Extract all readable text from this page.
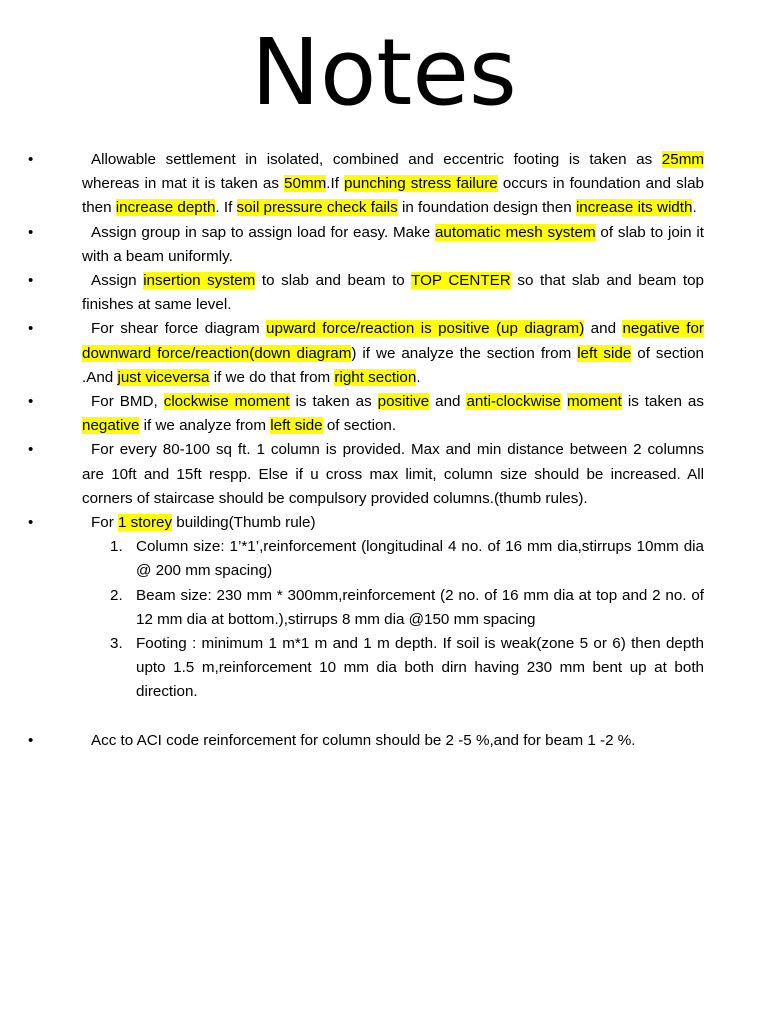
Notes
•	Allowable settlement in isolated, combined and eccentric footing is taken as 25mm whereas in mat it is taken as 50mm.If punching stress failure occurs in foundation and slab then increase depth. If soil pressure check fails in foundation design then increase its width.
•	Assign group in sap to assign load for easy. Make automatic mesh system of slab to join it with a beam uniformly.
•	Assign insertion system to slab and beam to TOP CENTER so that slab and beam top finishes at same level.
•	For shear force diagram upward force/reaction is positive (up diagram) and negative for downward force/reaction(down diagram) if we analyze the section from left side of section .And just viceversa if we do that from right section.
•	For BMD, clockwise moment is taken as positive and anti-clockwise moment is taken as negative if we analyze from left side of section.
•	For every 80-100 sq ft. 1 column is provided. Max and min distance between 2 columns are 10ft and 15ft respp. Else if u cross max limit, column size should be increased. All corners of staircase should be compulsory provided columns.(thumb rules).
•	For 1 storey building(Thumb rule)
1. Column size: 1’*1’,reinforcement (longitudinal 4 no. of 16 mm dia,stirrups 10mm dia @ 200 mm spacing)
2. Beam size: 230 mm * 300mm,reinforcement (2 no. of 16 mm dia at top and 2 no. of 12 mm dia at bottom.),stirrups 8 mm dia @150 mm spacing
3. Footing : minimum 1 m*1 m and 1 m depth. If soil is weak(zone 5 or 6) then depth upto 1.5 m,reinforcement 10 mm dia both dirn having 230 mm bent up at both direction.
•	Acc to ACI code reinforcement for column should be 2 -5 %,and for beam 1 -2 %.
